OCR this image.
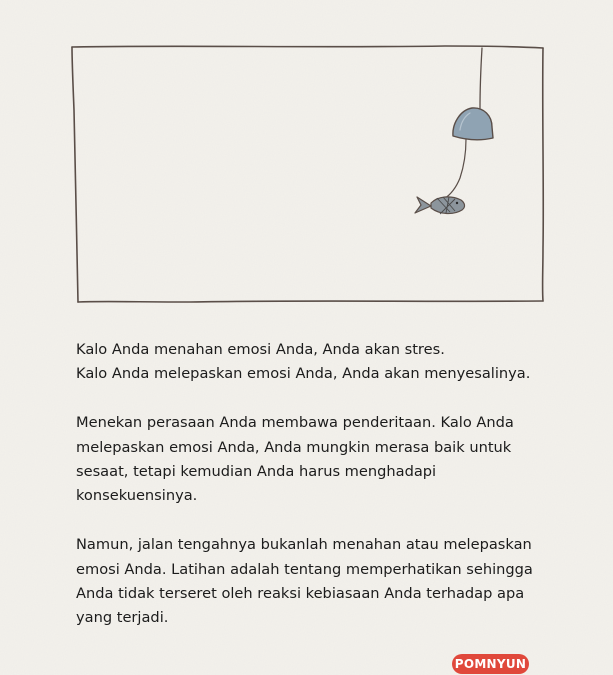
Kalo Anda menahan emosi Anda, Anda akan stres.
Kalo Anda melepaskan emosi Anda, Anda akan menyesalinya.

Menekan perasaan Anda membawa penderitaan. Kalo Anda
melepaskan emosi Anda, Anda mungkin merasa baik untuk
sesaat, tetapi kemudian Anda harus menghadapi
konsekuensinya.

Namun, jalan tengahnya bukanlah menahan atau melepaskan
emosi Anda. Latihan adalah tentang memperhatikan sehingga
Anda tidak terseret oleh reaksi kebiasaan Anda terhadap apa
yang terjadi.

POMNYUN
